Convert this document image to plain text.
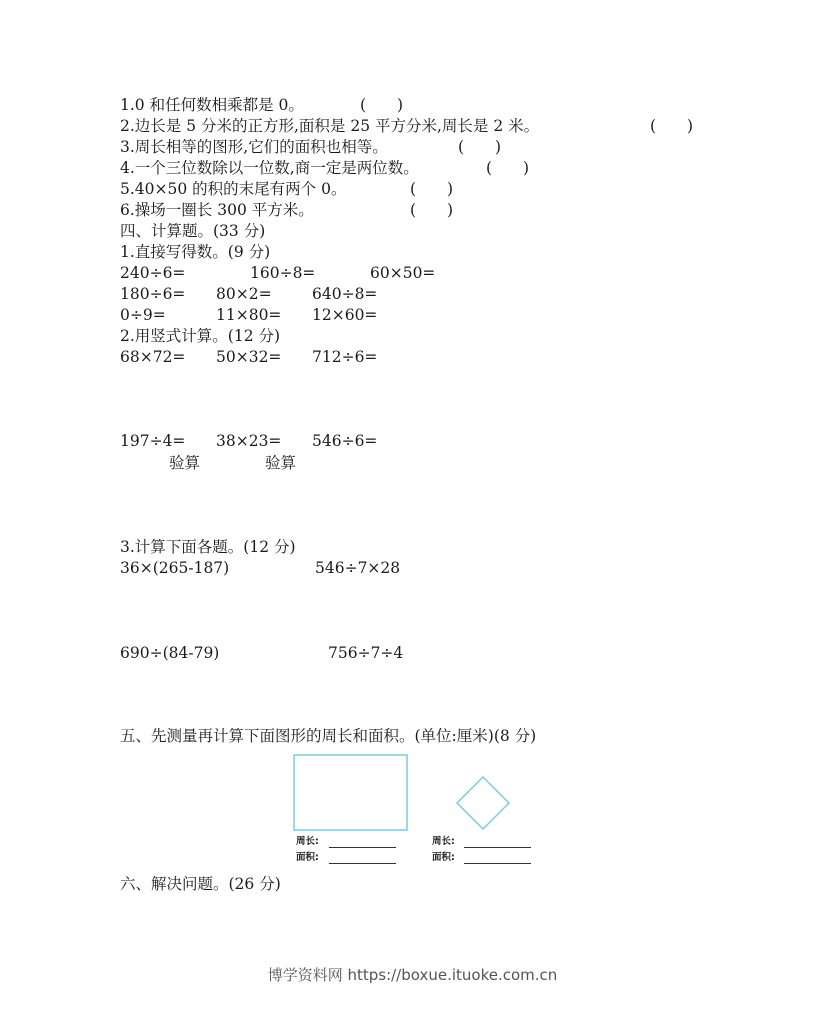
1.0 和任何数相乘都是 0。	(　　)
2.边长是 5 分米的正方形,面积是 25 平方分米,周长是 2 米。	(　　)
3.周长相等的图形,它们的面积也相等。	(　　)
4.一个三位数除以一位数,商一定是两位数。	(　　)
5.40×50 的积的末尾有两个 0。	(　　)
6.操场一圈长 300 平方米。	(　　)
四、计算题。(33 分)
1.直接写得数。(9 分)
240÷6=	160÷8=	60×50=
180÷6= 80×2=	640÷8=
0÷9=	11×80= 12×60=
2.用竖式计算。(12 分)
68×72= 50×32= 712÷6=
197÷4= 38×23= 546÷6=
验算	验算
3.计算下面各题。(12 分)
36×(265-187)	546÷7×28
690÷(84-79)	756÷7÷4
五、先测量再计算下面图形的周长和面积。(单位:厘米)(8 分)
周长:
面积:
周长:
面积:
六、解决问题。(26 分)
博学资料网 https://boxue.ituoke.com.cn
